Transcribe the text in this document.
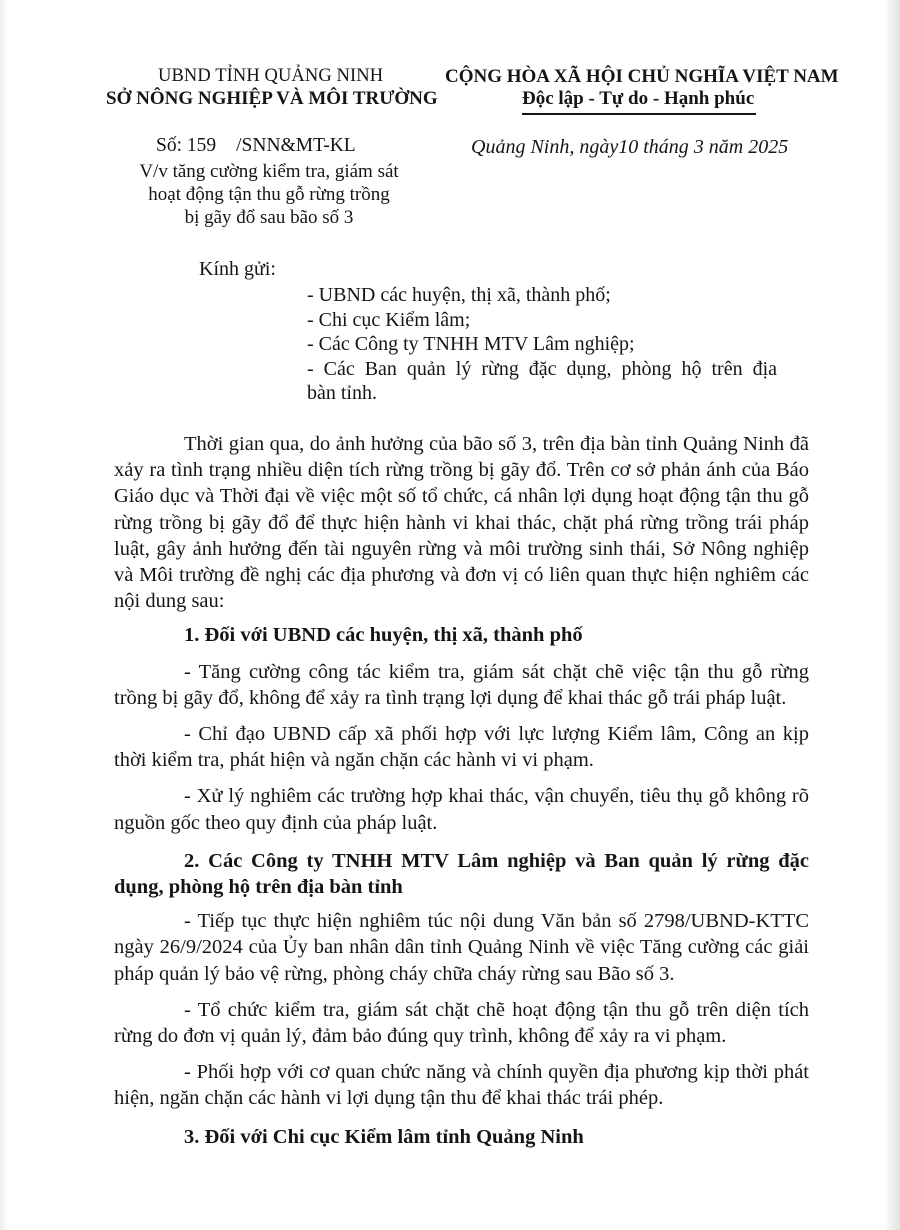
UBND TỈNH QUẢNG NINH

SỞ NÔNG NGHIỆP VÀ MÔI TRƯỜNG

CỘNG HÒA XÃ HỘI CHỦ NGHĨA VIỆT NAM

Độc lập - Tự do - Hạnh phúc

Số: 159 /SNN&MT-KL	Quảng Ninh, ngày10 tháng 3 năm 2025

V/v tăng cường kiểm tra, giám sát
hoạt động tận thu gỗ rừng trồng
bị gãy đổ sau bão số 3

Kính gửi:

- UBND các huyện, thị xã, thành phố;
- Chi cục Kiểm lâm;
- Các Công ty TNHH MTV Lâm nghiệp;
- Các Ban quản lý rừng đặc dụng, phòng hộ trên địa
bàn tỉnh.

Thời gian qua, do ảnh hưởng của bão số 3, trên địa bàn tỉnh Quảng Ninh đã xảy ra tình trạng nhiều diện tích rừng trồng bị gãy đổ. Trên cơ sở phản ánh của Báo Giáo dục và Thời đại về việc một số tổ chức, cá nhân lợi dụng hoạt động tận thu gỗ rừng trồng bị gãy đổ để thực hiện hành vi khai thác, chặt phá rừng trồng trái pháp luật, gây ảnh hưởng đến tài nguyên rừng và môi trường sinh thái, Sở Nông nghiệp và Môi trường đề nghị các địa phương và đơn vị có liên quan thực hiện nghiêm các nội dung sau:

1. Đối với UBND các huyện, thị xã, thành phố

- Tăng cường công tác kiểm tra, giám sát chặt chẽ việc tận thu gỗ rừng trồng bị gãy đổ, không để xảy ra tình trạng lợi dụng để khai thác gỗ trái pháp luật.

- Chỉ đạo UBND cấp xã phối hợp với lực lượng Kiểm lâm, Công an kịp thời kiểm tra, phát hiện và ngăn chặn các hành vi vi phạm.

- Xử lý nghiêm các trường hợp khai thác, vận chuyển, tiêu thụ gỗ không rõ nguồn gốc theo quy định của pháp luật.

2. Các Công ty TNHH MTV Lâm nghiệp và Ban quản lý rừng đặc dụng, phòng hộ trên địa bàn tỉnh

- Tiếp tục thực hiện nghiêm túc nội dung Văn bản số 2798/UBND-KTTC ngày 26/9/2024 của Ủy ban nhân dân tỉnh Quảng Ninh về việc Tăng cường các giải pháp quản lý bảo vệ rừng, phòng cháy chữa cháy rừng sau Bão số 3.

- Tổ chức kiểm tra, giám sát chặt chẽ hoạt động tận thu gỗ trên diện tích rừng do đơn vị quản lý, đảm bảo đúng quy trình, không để xảy ra vi phạm.

- Phối hợp với cơ quan chức năng và chính quyền địa phương kịp thời phát hiện, ngăn chặn các hành vi lợi dụng tận thu để khai thác trái phép.

3. Đối với Chi cục Kiểm lâm tỉnh Quảng Ninh
